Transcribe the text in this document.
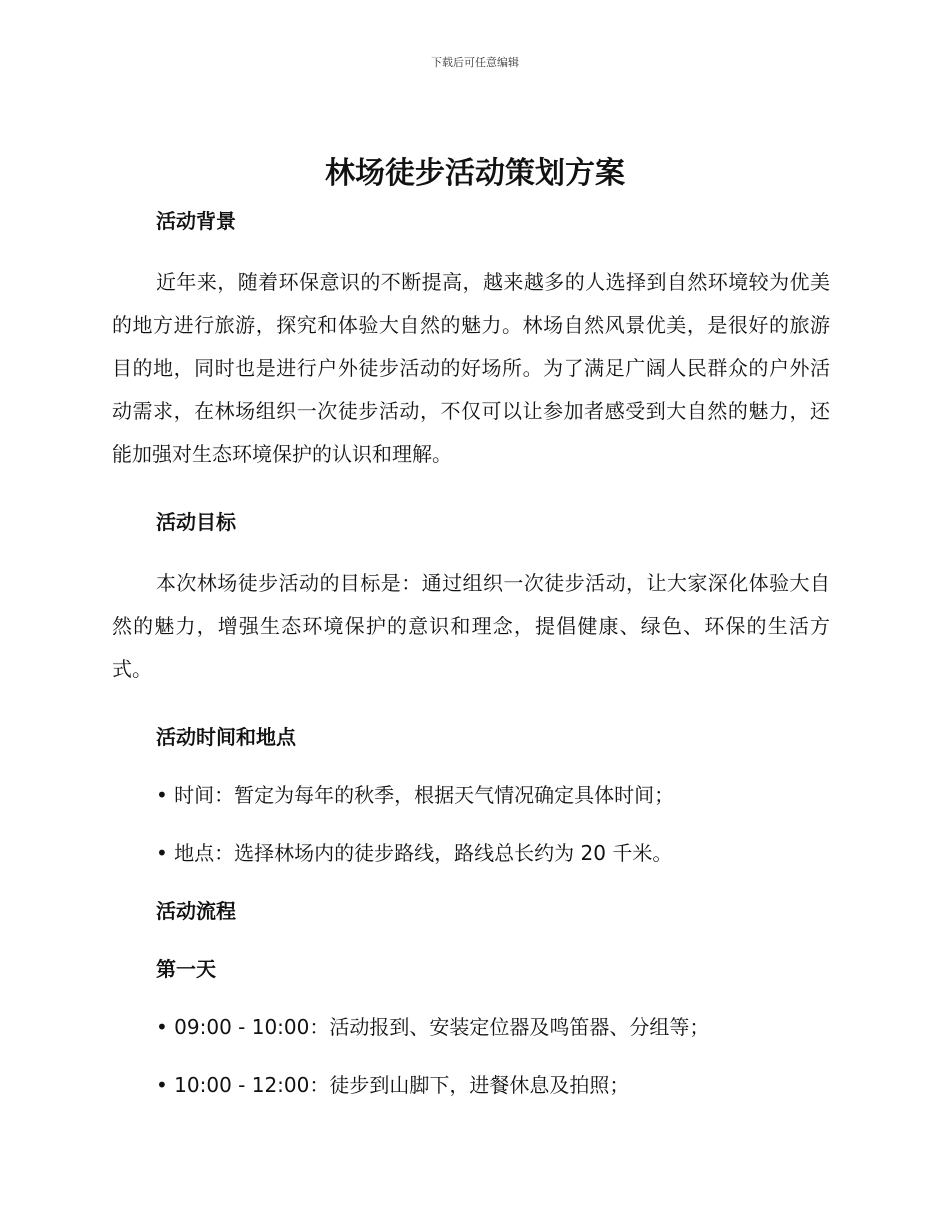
下载后可任意编辑
林场徒步活动策划方案
活动背景

近年来，随着环保意识的不断提高，越来越多的人选择到自然环境较为优美的地方进行旅游，探究和体验大自然的魅力。林场自然风景优美，是很好的旅游目的地，同时也是进行户外徒步活动的好场所。为了满足广阔人民群众的户外活动需求，在林场组织一次徒步活动，不仅可以让参加者感受到大自然的魅力，还能加强对生态环境保护的认识和理解。

活动目标

本次林场徒步活动的目标是：通过组织一次徒步活动，让大家深化体验大自然的魅力，增强生态环境保护的意识和理念，提倡健康、绿色、环保的生活方式。

活动时间和地点

• 时间：暂定为每年的秋季，根据天气情况确定具体时间；

• 地点：选择林场内的徒步路线，路线总长约为 20 千米。

活动流程
第一天

• 09:00 - 10:00：活动报到、安装定位器及鸣笛器、分组等；

• 10:00 - 12:00：徒步到山脚下，进餐休息及拍照；
